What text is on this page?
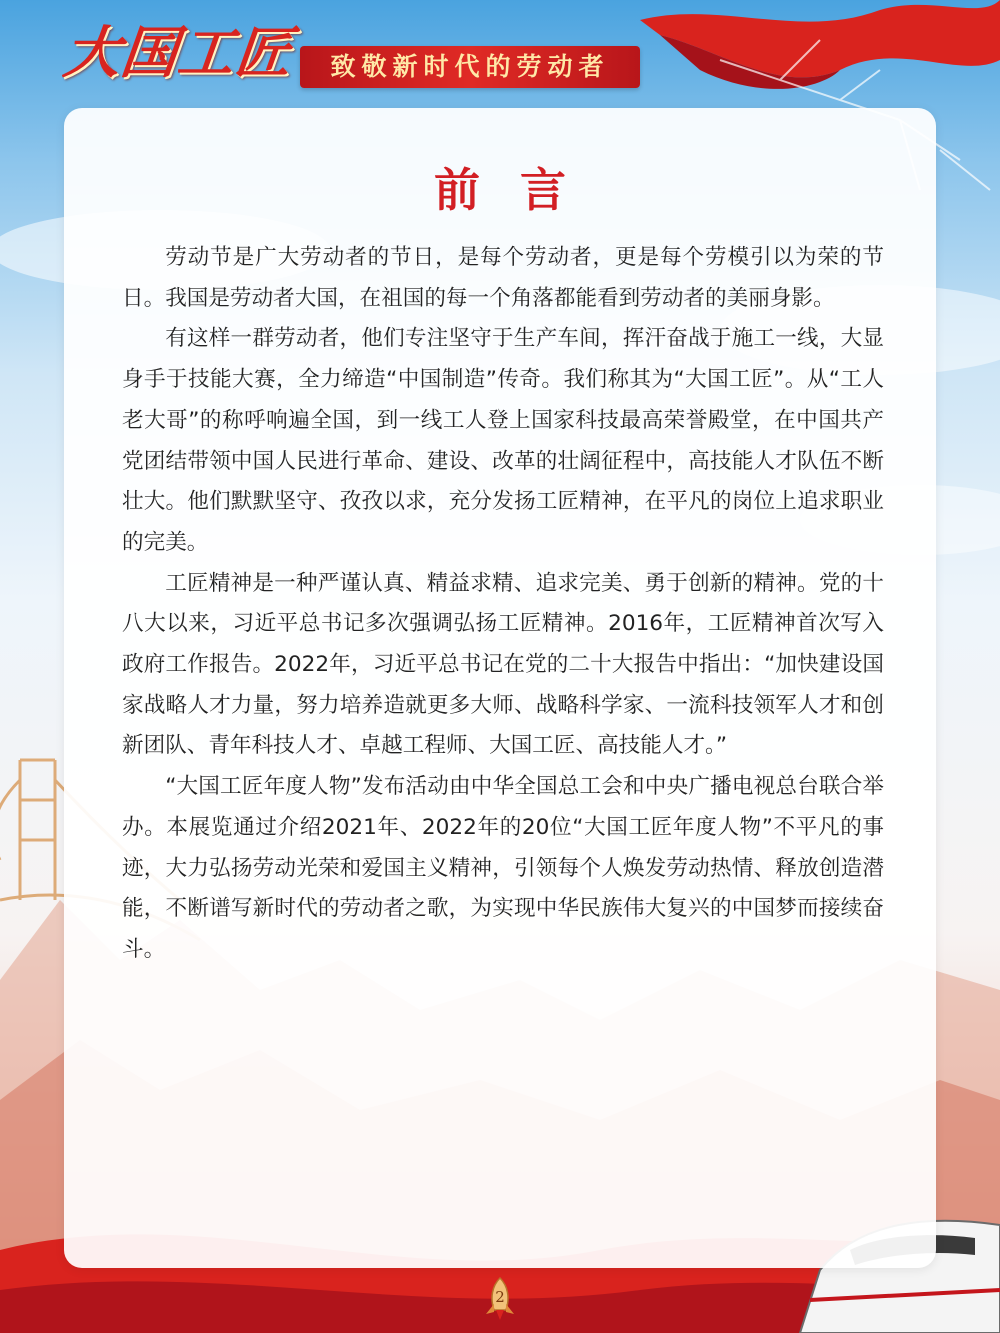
大国工匠	致敬新时代的劳动者
前言

劳动节是广大劳动者的节日，是每个劳动者，更是每个劳模引以为荣的节日。我国是劳动者大国，在祖国的每一个角落都能看到劳动者的美丽身影。

有这样一群劳动者，他们专注坚守于生产车间，挥汗奋战于施工一线，大显身手于技能大赛，全力缔造“中国制造”传奇。我们称其为“大国工匠”。从“工人老大哥”的称呼响遍全国，到一线工人登上国家科技最高荣誉殿堂，在中国共产党团结带领中国人民进行革命、建设、改革的壮阔征程中，高技能人才队伍不断壮大。他们默默坚守、孜孜以求，充分发扬工匠精神，在平凡的岗位上追求职业的完美。

工匠精神是一种严谨认真、精益求精、追求完美、勇于创新的精神。党的十八大以来，习近平总书记多次强调弘扬工匠精神。2016年，工匠精神首次写入政府工作报告。2022年，习近平总书记在党的二十大报告中指出：“加快建设国家战略人才力量，努力培养造就更多大师、战略科学家、一流科技领军人才和创新团队、青年科技人才、卓越工程师、大国工匠、高技能人才。”

“大国工匠年度人物”发布活动由中华全国总工会和中央广播电视总台联合举办。本展览通过介绍2021年、2022年的20位“大国工匠年度人物”不平凡的事迹，大力弘扬劳动光荣和爱国主义精神，引领每个人焕发劳动热情、释放创造潜能，不断谱写新时代的劳动者之歌，为实现中华民族伟大复兴的中国梦而接续奋斗。

2
